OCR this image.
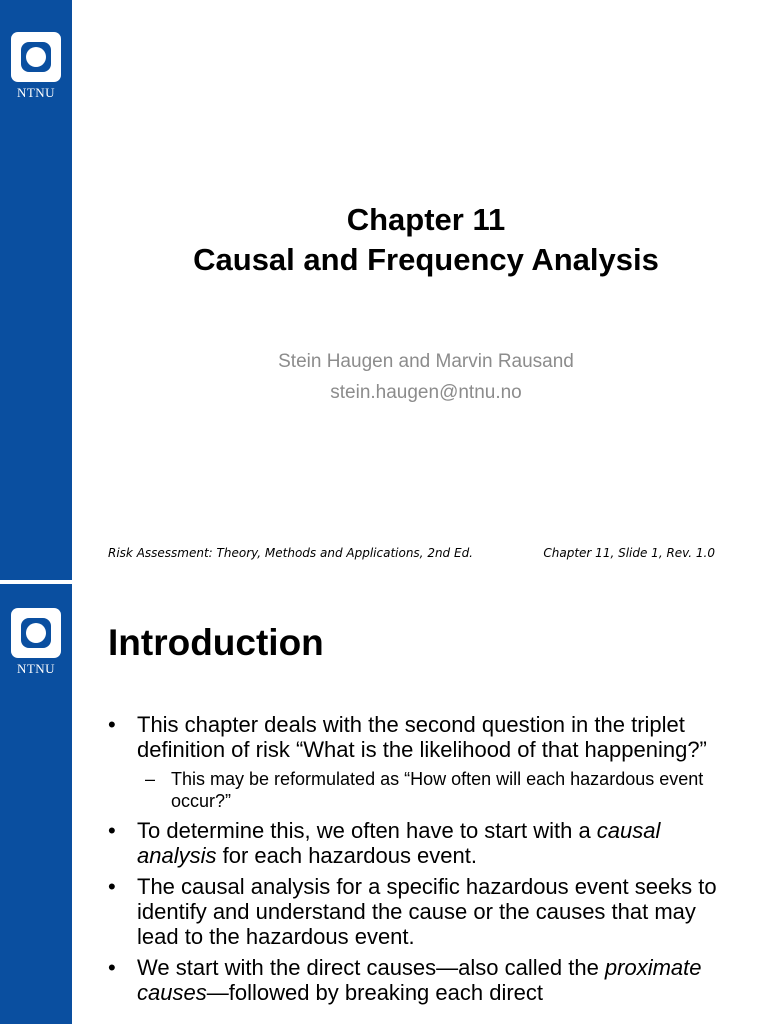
NTNU
Chapter 11
Causal and Frequency Analysis
Stein Haugen and Marvin Rausand
stein.haugen@ntnu.no
Risk Assessment: Theory, Methods and Applications, 2nd Ed.	Chapter 11, Slide 1, Rev. 1.0
NTNU
Introduction
• This chapter deals with the second question in the triplet definition of risk “What is the likelihood of that happening?”
– This may be reformulated as “How often will each hazardous event occur?”
• To determine this, we often have to start with a causal analysis for each hazardous event.
• The causal analysis for a specific hazardous event seeks to identify and understand the cause or the causes that may lead to the hazardous event.
• We start with the direct causes—also called the proximate causes—followed by breaking each direct
